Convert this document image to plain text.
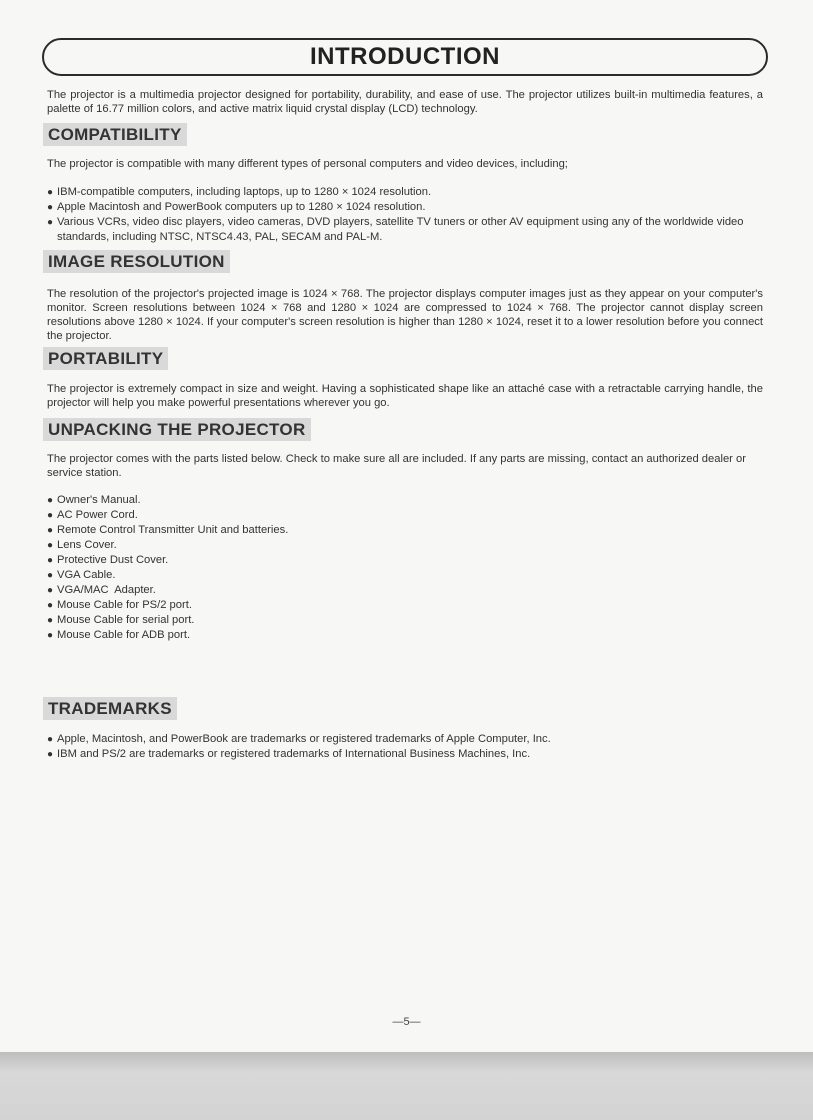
INTRODUCTION

The projector is a multimedia projector designed for portability, durability, and ease of use. The projector utilizes built-in multimedia features, a palette of 16.77 million colors, and active matrix liquid crystal display (LCD) technology.

COMPATIBILITY

The projector is compatible with many different types of personal computers and video devices, including;

● IBM-compatible computers, including laptops, up to 1280 × 1024 resolution.
● Apple Macintosh and PowerBook computers up to 1280 × 1024 resolution.
● Various VCRs, video disc players, video cameras, DVD players, satellite TV tuners or other AV equipment using any of the worldwide video standards, including NTSC, NTSC4.43, PAL, SECAM and PAL-M.
IMAGE RESOLUTION

The resolution of the projector's projected image is 1024 × 768. The projector displays computer images just as they appear on your computer's monitor. Screen resolutions between 1024 × 768 and 1280 × 1024 are compressed to 1024 × 768. The projector cannot display screen resolutions above 1280 × 1024. If your computer's screen resolution is higher than 1280 × 1024, reset it to a lower resolution before you connect the projector.

PORTABILITY

The projector is extremely compact in size and weight. Having a sophisticated shape like an attaché case with a retractable carrying handle, the projector will help you make powerful presentations wherever you go.

UNPACKING THE PROJECTOR

The projector comes with the parts listed below. Check to make sure all are included. If any parts are missing, contact an authorized dealer or service station.

● Owner's Manual.
● AC Power Cord.
● Remote Control Transmitter Unit and batteries.
● Lens Cover.
● Protective Dust Cover.
● VGA Cable.
● VGA/MAC  Adapter.
● Mouse Cable for PS/2 port.
● Mouse Cable for serial port.
● Mouse Cable for ADB port.
TRADEMARKS
● Apple, Macintosh, and PowerBook are trademarks or registered trademarks of Apple Computer, Inc.
● IBM and PS/2 are trademarks or registered trademarks of International Business Machines, Inc.
—5—
